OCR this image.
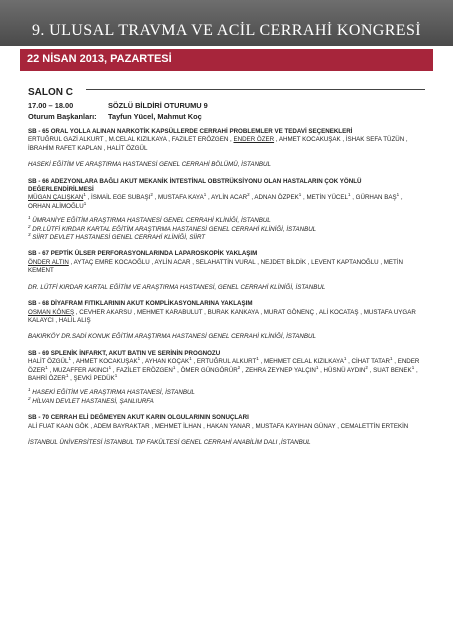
9. ULUSAL TRAVMA VE ACİL CERRAHİ KONGRESİ
22 NİSAN 2013, PAZARTESİ
SALON C
17.00 – 18.00	SÖZLÜ BİLDİRİ OTURUMU 9
Oturum Başkanları: Tayfun Yücel, Mahmut Koç
SB - 65 ORAL YOLLA ALINAN NARKOTİK KAPSÜLLERDE CERRAHİ PROBLEMLER VE TEDAVİ SEÇENEKLERİ
ERTUĞRUL GAZİ ALKURT , M.CELAL KIZILKAYA , FAZILET ERÖZGEN , ENDER ÖZER , AHMET KOCAKUŞAK , İSHAK SEFA TÜZÜN , İBRAHİM RAFET KAPLAN , HALİT ÖZGÜL
HASEKİ EĞİTİM VE ARAŞTIRMA HASTANESİ GENEL CERRAHİ BÖLÜMÜ, İSTANBUL
SB - 66 ADEZYONLARA BAĞLI AKUT MEKANİK İNTESTİNAL OBSTRÜKSİYONU OLAN HASTALARIN ÇOK YÖNLÜ DEĞERLENDİRİLMESİ
MÜGAN ÇALIŞKAN$^1$ , İSMAİL EGE SUBAŞI$^2$ , MUSTAFA KAYA$^1$ , AYLİN ACAR$^2$ , ADNAN ÖZPEK$^1$ , METİN YÜCEL$^1$ , GÜRHAN BAŞ$^1$ , ORHAN ALİMOĞLU$^1$
$^1$ ÜMRANİYE EĞİTİM ARAŞTIRMA HASTANESİ GENEL CERRAHİ KLİNİĞİ, İSTANBUL
$^2$ DR.LÜTFİ KIRDAR KARTAL EĞİTİM ARAŞTIRMA HASTANESİ GENEL CERRAHİ KLİNİĞİ, İSTANBUL
$^3$ SİİRT DEVLET HASTANESİ GENEL CERRAHİ KLİNİĞİ, SİİRT
SB - 67 PEPTİK ÜLSER PERFORASYONLARINDA LAPAROSKOPİK YAKLAŞIM
ÖNDER ALTIN , AYTAÇ EMRE KOCAOĞLU , AYLİN ACAR , SELAHATTİN VURAL , NEJDET BİLDİK , LEVENT KAPTANOĞLU , METİN KEMENT
DR. LÜTFİ KIRDAR KARTAL EĞİTİM VE ARAŞTIRMA HASTANESİ, GENEL CERRAHİ KLİNİĞİ, İSTANBUL
SB - 68 DİYAFRAM FITIKLARININ AKUT KOMPLİKASYONLARINA YAKLAŞIM
OSMAN KÖNEŞ , CEVHER AKARSU , MEHMET KARABULUT , BURAK KANKAYA , MURAT GÖNENÇ , ALİ KOCATAŞ , MUSTAFA UYGAR KALAYCI , HALİL ALIŞ
BAKIRKÖY DR.SADİ KONUK EĞİTİM ARAŞTIRMA HASTANESİ GENEL CERRAHİ KLİNİĞİ, İSTANBUL
SB - 69 SPLENİK İNFARKT, AKUT BATIN VE SERİNİN PROGNOZU
HALİT ÖZGÜL$^1$ , AHMET KOCAKUŞAK$^1$ , AYHAN KOÇAK$^1$ , ERTUĞRUL ALKURT$^1$ , MEHMET CELAL KIZILKAYA$^1$ , CİHAT TATAR$^1$ , ENDER ÖZER$^1$ , MUZAFFER AKINCI$^1$ , FAZİLET ERÖZGEN$^1$ , ÖMER GÜNGÖRÜR$^2$ , ZEHRA ZEYNEP YALÇIN$^1$ , HÜSNÜ AYDIN$^2$ , SUAT BENEK$^1$ , BAHRİ ÖZER$^1$ , ŞEVKİ PEDÜK$^1$
$^1$ HASEKİ EĞİTİM VE ARAŞTIRMA HASTANESİ, İSTANBUL
$^2$ HİLVAN DEVLET HASTANESİ, ŞANLIURFA
SB - 70 CERRAH ELİ DEĞMEYEN AKUT KARIN OLGULARININ SONUÇLARI
ALİ FUAT KAAN GÖK , ADEM BAYRAKTAR , MEHMET İLHAN , HAKAN YANAR , MUSTAFA KAYIHAN GÜNAY , CEMALETTİN ERTEKİN
İSTANBUL ÜNİVERSİTESİ İSTANBUL TIP FAKÜLTESİ GENEL CERRAHİ ANABİLİM DALI ,İSTANBUL
